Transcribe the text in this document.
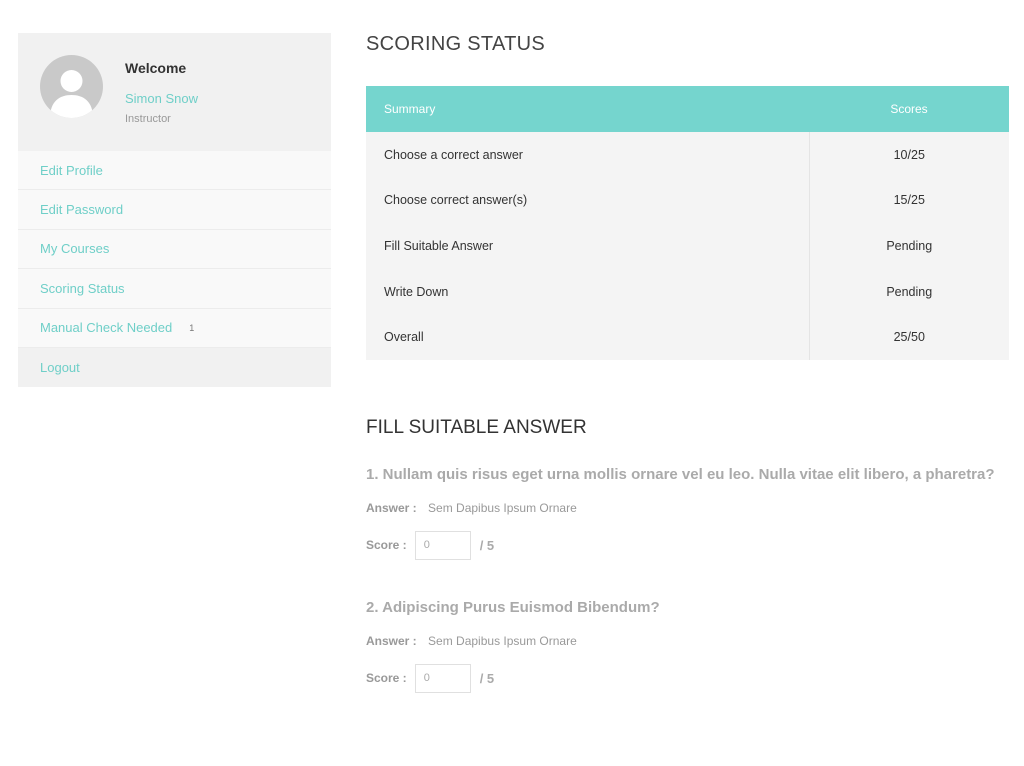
Welcome
Simon Snow
Instructor
Edit Profile
Edit Password
My Courses
Scoring Status
Manual Check Needed 1
Logout
SCORING STATUS
Summary	Scores
Choose a correct answer	10/25
Choose correct answer(s)	15/25
Fill Suitable Answer	Pending
Write Down	Pending
Overall	25/50
FILL SUITABLE ANSWER
1. Nullam quis risus eget urna mollis ornare vel eu leo. Nulla vitae elit libero, a pharetra?
Answer : Sem Dapibus Ipsum Ornare
Score :
0	/ 5
2. Adipiscing Purus Euismod Bibendum?
Answer : Sem Dapibus Ipsum Ornare
Score :
0	/ 5
